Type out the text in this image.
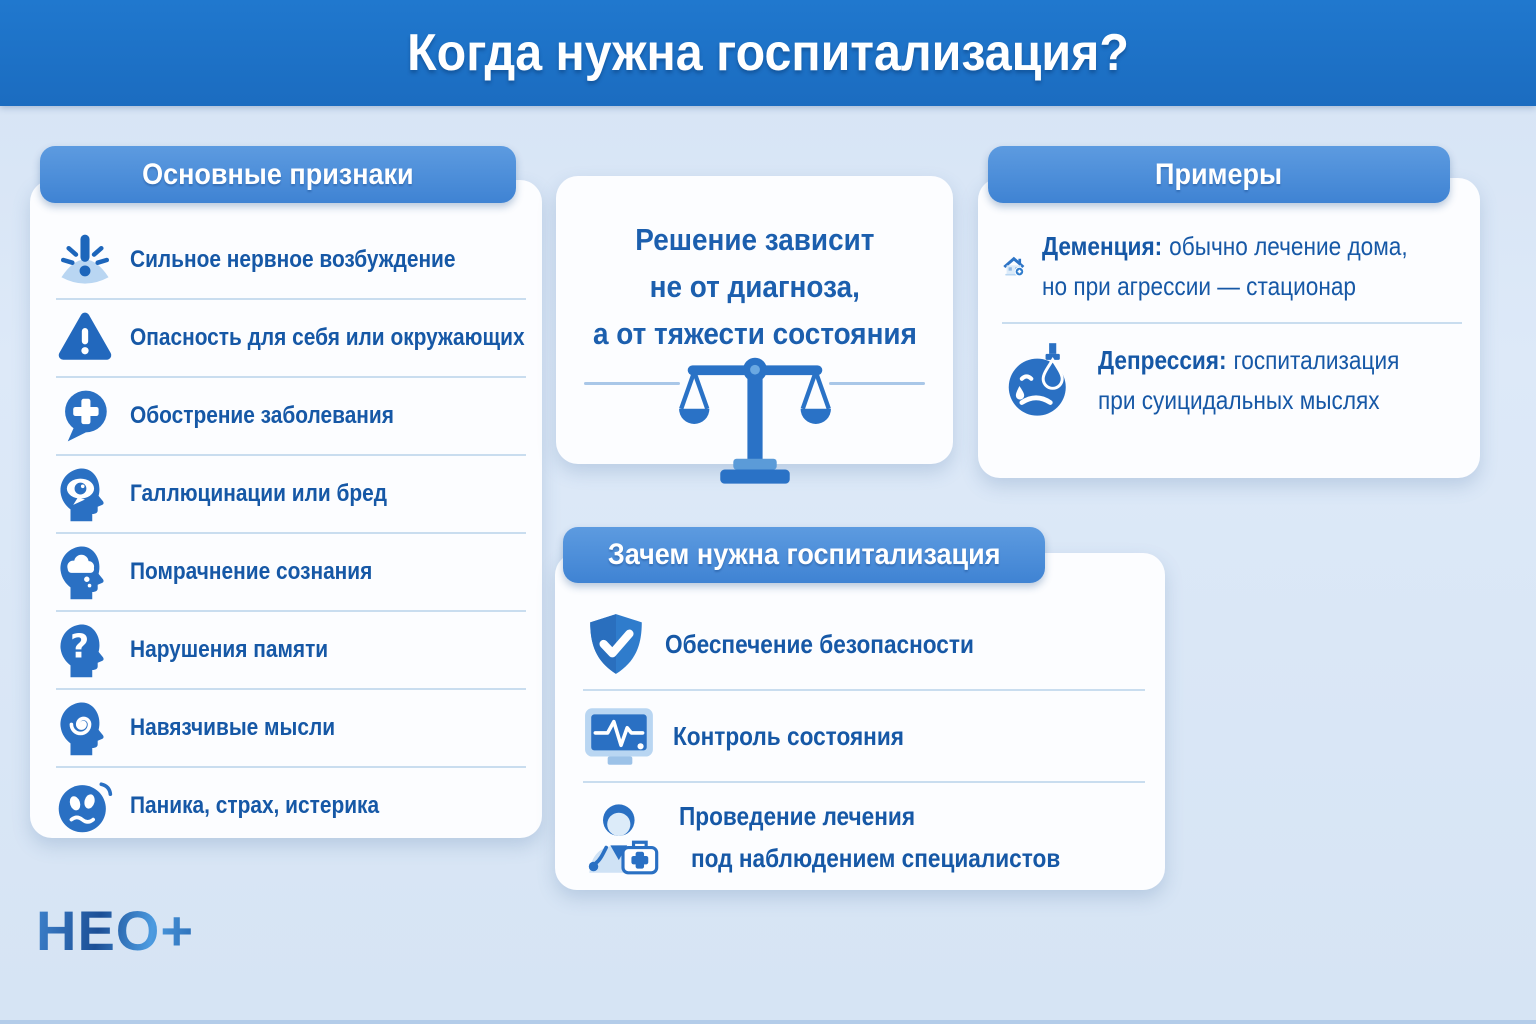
Когда нужна госпитализация?
Основные признаки
Сильное нервное возбуждение
Опасность для себя или окружающих
Обострение заболевания
Галлюцинации или бред
Помрачнение сознания
? Нарушения памяти
Навязчивые мысли
Паника, страх, истерика
Решение зависит
не от диагноза,
а от тяжести состояния
Примеры
Деменция: обычно лечение дома,
но при агрессии — стационар
Депрессия: госпитализация
при суицидальных мыслях
Зачем нужна госпитализация
Обеспечение безопасности
Контроль состояния
Проведение лечения
под наблюдением специалистов
НЕО+
